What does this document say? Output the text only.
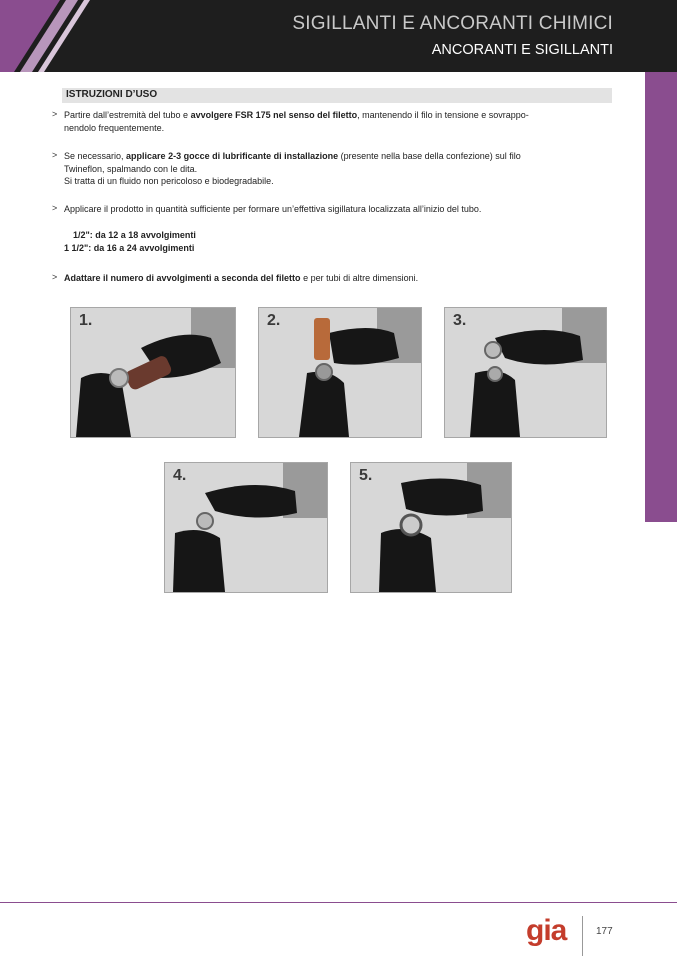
SIGILLANTI E ANCORANTI CHIMICI
ANCORANTI E SIGILLANTI
ISTRUZIONI D’USO
> Partire dall’estremità del tubo e avvolgere FSR 175 nel senso del filetto, mantenendo il filo in tensione e sovrappo-
nendolo frequentemente.
> Se necessario, applicare 2-3 gocce di lubrificante di installazione (presente nella base della confezione) sul filo
Twineflon, spalmando con le dita.
Si tratta di un fluido non pericoloso e biodegradabile.
> Applicare il prodotto in quantità sufficiente per formare un’effettiva sigillatura localizzata all’inizio del tubo.
1/2": da 12 a 18 avvolgimenti
1 1/2": da 16 a 24 avvolgimenti
> Adattare il numero di avvolgimenti a seconda del filetto e per tubi di altre dimensioni.
1.	2.	3.
4.	5.
gia	177
